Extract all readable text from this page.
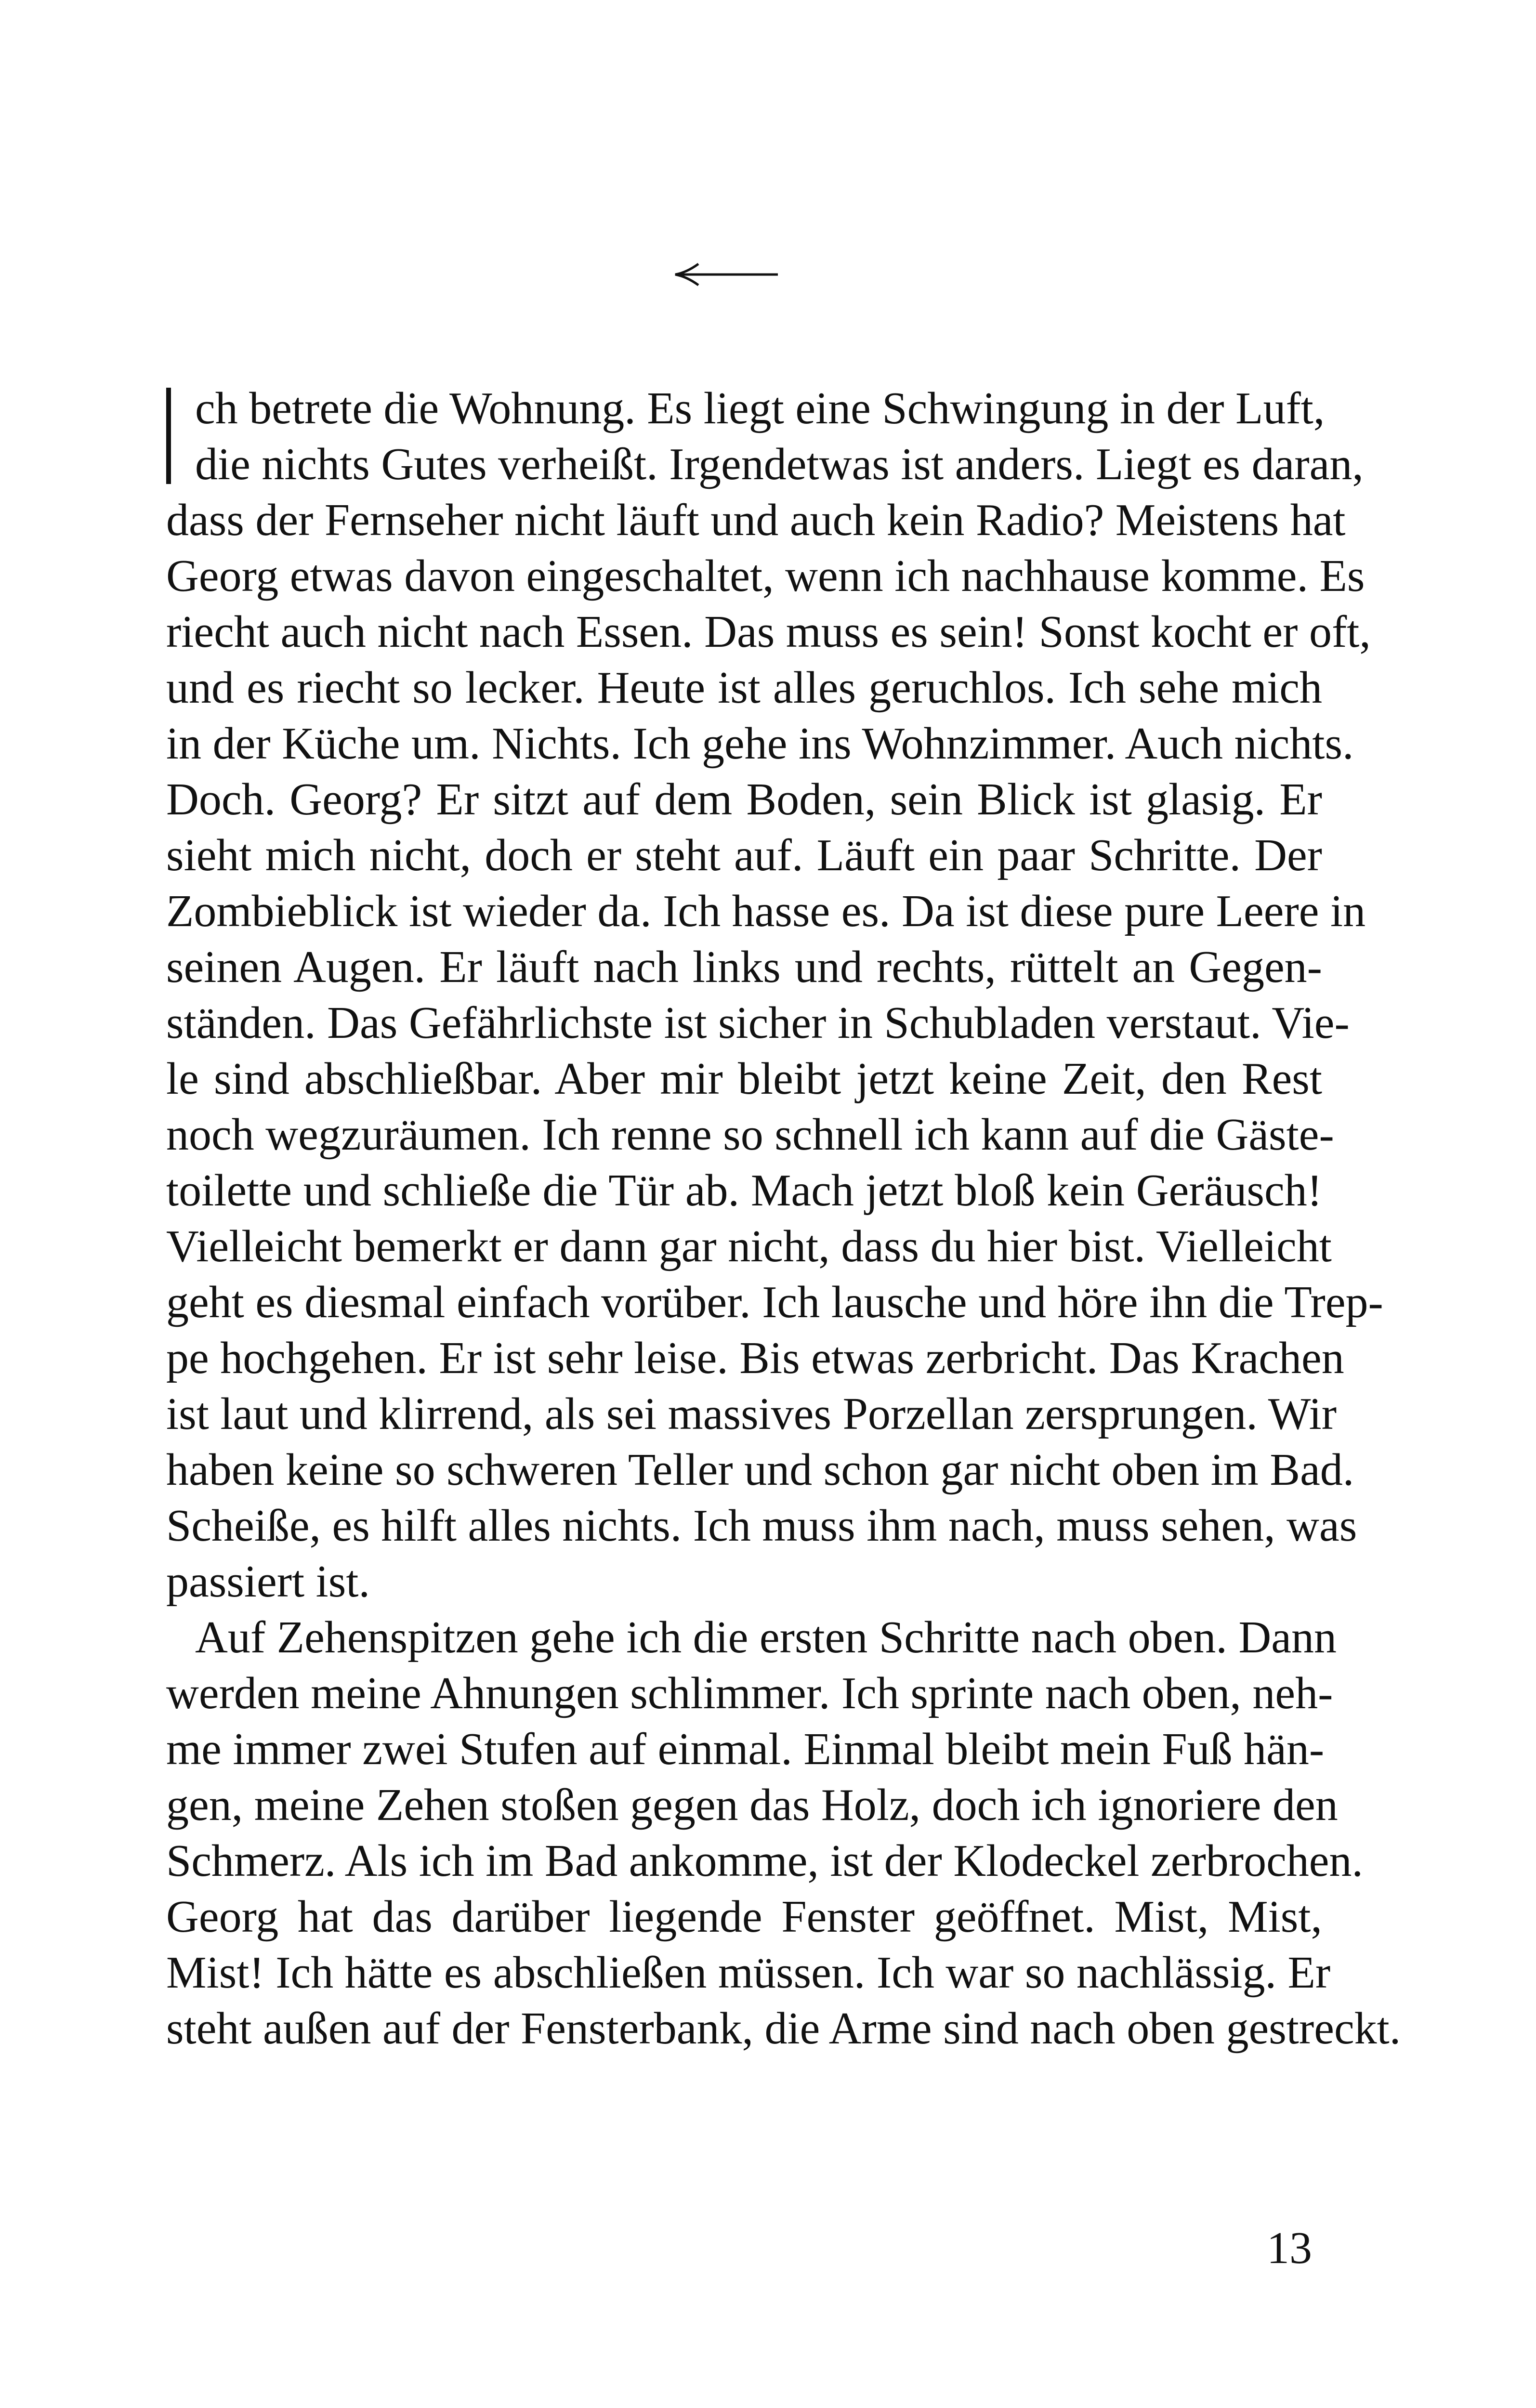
ch betrete die Wohnung. Es liegt eine Schwingung in der Luft,
die nichts Gutes verheißt. Irgendetwas ist anders. Liegt es daran,
dass der Fernseher nicht läuft und auch kein Radio? Meistens hat
Georg etwas davon eingeschaltet, wenn ich nachhause komme. Es
riecht auch nicht nach Essen. Das muss es sein! Sonst kocht er oft,
und es riecht so lecker. Heute ist alles geruchlos. Ich sehe mich
in der Küche um. Nichts. Ich gehe ins Wohnzimmer. Auch nichts.
Doch. Georg? Er sitzt auf dem Boden, sein Blick ist glasig. Er
sieht mich nicht, doch er steht auf. Läuft ein paar Schritte. Der
Zombieblick ist wieder da. Ich hasse es. Da ist diese pure Leere in
seinen Augen. Er läuft nach links und rechts, rüttelt an Gegen-
ständen. Das Gefährlichste ist sicher in Schubladen verstaut. Vie-
le sind abschließbar. Aber mir bleibt jetzt keine Zeit, den Rest
noch wegzuräumen. Ich renne so schnell ich kann auf die Gäste-
toilette und schließe die Tür ab. Mach jetzt bloß kein Geräusch!
Vielleicht bemerkt er dann gar nicht, dass du hier bist. Vielleicht
geht es diesmal einfach vorüber. Ich lausche und höre ihn die Trep-
pe hochgehen. Er ist sehr leise. Bis etwas zerbricht. Das Krachen
ist laut und klirrend, als sei massives Porzellan zersprungen. Wir
haben keine so schweren Teller und schon gar nicht oben im Bad.
Scheiße, es hilft alles nichts. Ich muss ihm nach, muss sehen, was
passiert ist.
Auf Zehenspitzen gehe ich die ersten Schritte nach oben. Dann
werden meine Ahnungen schlimmer. Ich sprinte nach oben, neh-
me immer zwei Stufen auf einmal. Einmal bleibt mein Fuß hän-
gen, meine Zehen stoßen gegen das Holz, doch ich ignoriere den
Schmerz. Als ich im Bad ankomme, ist der Klodeckel zerbrochen.
Georg hat das darüber liegende Fenster geöffnet. Mist, Mist,
Mist! Ich hätte es abschließen müssen. Ich war so nachlässig. Er
steht außen auf der Fensterbank, die Arme sind nach oben gestreckt.
13
